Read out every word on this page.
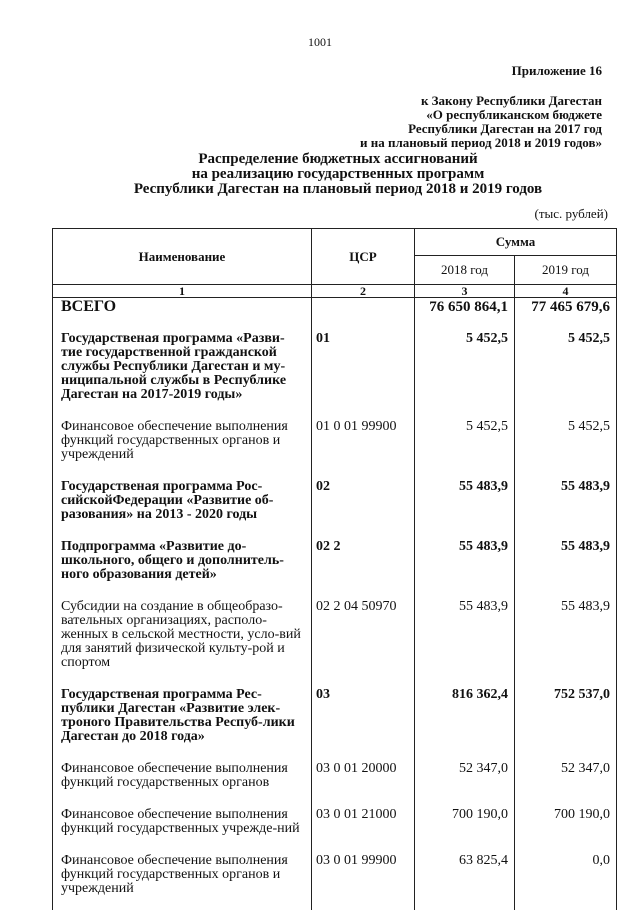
1001
Приложение 16
к Закону Республики Дагестан
«О республиканском бюджете
Республики Дагестан на 2017 год
и на плановый период 2018 и 2019 годов»
Распределение бюджетных ассигнований
на реализацию государственных программ
Республики Дагестан на плановый период 2018 и 2019 годов
(тыс. рублей)
Наименование	ЦСР	Сумма	
		2018 год	2019 год
1	2	3	4
ВСЕГО		76 650 864,1	77 465 679,6
Государственая программа «Разви-тие государственной гражданской службы Республики Дагестан и му-ниципальной службы в Республике Дагестан на 2017-2019 годы»	01	5 452,5	5 452,5
Финансовое обеспечение выполнения функций государственных органов и учреждений	01 0 01 99900	5 452,5	5 452,5
Государственая программа Рос-сийскойФедерации «Развитие об-разования» на 2013 - 2020 годы	02	55 483,9	55 483,9
Подпрограмма «Развитие до-школьного, общего и дополнитель-ного образования детей»	02 2	55 483,9	55 483,9
Субсидии на создание в общеобразо-вательных организациях, располо-женных в сельской местности, усло-вий для занятий физической культу-рой и спортом	02 2 04 50970	55 483,9	55 483,9
Государственая программа Рес-публики Дагестан «Развитие элек-троного Правительства Респуб-лики Дагестан до 2018 года»	03	816 362,4	752 537,0
Финансовое обеспечение выполнения функций государственных органов	03 0 01 20000	52 347,0	52 347,0
Финансовое обеспечение выполнения функций государственных учрежде-ний	03 0 01 21000	700 190,0	700 190,0
Финансовое обеспечение выполнения функций государственных органов и учреждений	03 0 01 99900	63 825,4	0,0
